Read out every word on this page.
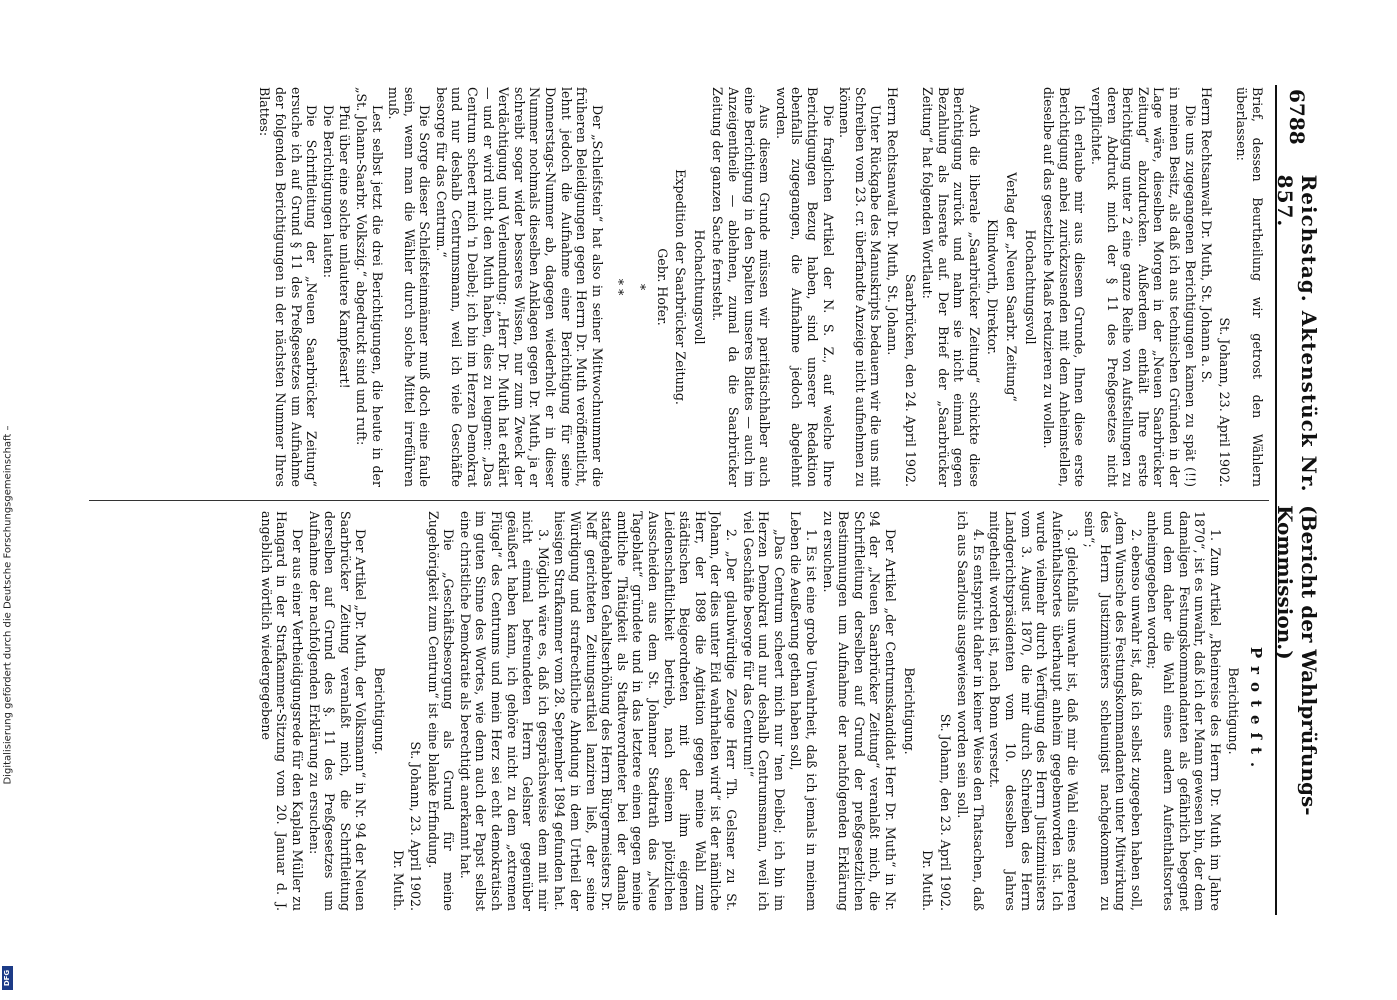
Digitalisierung gefördert durch die Deutsche Forschungsgemeinschaft –
DFG
6788
Reichstag. Aktenstück Nr. 857.
(Bericht der Wahlprüfungs-Kommission.)

Brief, dessen Beurtheilung wir getrost den Wählern überlassen:

St. Johann, 23. April 1902.

Herrn Rechtsanwalt Dr. Muth, St. Johann a. S.

Die uns zugegangenen Berichtigungen kamen zu spät (!!) in meinen Besitz, als daß ich aus technischen Gründen in der Lage wäre, dieselben Morgen in der „Neuen Saarbrücker Zeitung“ abzudrucken. Außerdem enthält Ihre erste Berichtigung unter 2 eine ganze Reihe von Aufstellungen zu deren Abdruck mich der § 11 des Preßgesetzes nicht verpflichtet.

Ich erlaube mir aus diesem Grunde, Ihnen diese erste Berichtigung anbei zurückzusenden mit dem Anheimstellen, dieselbe auf das gesetzliche Maaß reduzieren zu wollen.

Hochachtungsvoll

Verlag der „Neuen Saarbr. Zeitung“

Klindworth, Direktor.

Auch die liberale „Saarbrücker Zeitung“ schickte diese Berichtigung zurück und nahm sie nicht einmal gegen Bezahlung als Inserate auf. Der Brief der „Saarbrücker Zeitung“ hat folgenden Wortlaut:

Saarbrücken, den 24. April 1902.

Herrn Rechtsanwalt Dr. Muth, St. Johann.

Unter Rückgabe des Manuskripts bedauern wir die uns mit Schreiben vom 23. cr. überfandte Anzeige nicht aufnehmen zu können.

Die fraglichen Artikel der N. S. Z., auf welche Ihre Berichtigungen Bezug haben, sind unserer Redaktion ebenfalls zugegangen, die Aufnahme jedoch abgelehnt worden.

Aus diesem Grunde müssen wir paritätischhalber auch eine Berichtigung in den Spalten unseres Blattes — auch im Anzeigentheile — ablehnen, zumal da die Saarbrücker Zeitung der ganzen Sache fernsteht.

Hochachtungsvoll

Expedition der Saarbrücker Zeitung.

Gebr. Hofer.

*

* *

Der „Schleifstein“ hat also in seiner Mittwochnummer die früheren Beleidigungen gegen Herrn Dr. Muth veröffentlicht, lehnt jedoch die Aufnahme einer Berichtigung für seine Donnerstags-Nummer ab, dagegen wiederholt er in dieser Nummer nochmals dieselben Anklagen gegen Dr. Muth, ja er schreibt sogar wider besseres Wissen, nur zum Zweck der Verdächtigung und Verleumdung: „Herr Dr. Muth hat erklärt — und er wird nicht den Muth haben, dies zu leugnen: „Das Centrum scheert mich 'n Deibel; ich bin im Herzen Demokrat und nur deshalb Centrumsmann, weil ich viele Geschäfte besorge für das Centrum.“

Die Sorge dieser Schleifsteinmänner muß doch eine faule sein, wenn man die Wähler durch solche Mittel irreführen muß.

Lest selbst jetzt die drei Berichtigungen, die heute in der „St. Johann-Saarbr. Volkszig.“ abgedruckt sind und ruft:

Pfui über eine solche unlautere Kampfesart!

Die Berichtigungen lauten:

Die Schriftleitung der „Neuen Saarbrücker Zeitung“ ersuche ich auf Grund § 11 des Preßgesetzes um Aufnahme der folgenden Berichtigungen in der nächsten Nummer Ihres Blattes:

Proteſt.

Berichtigung.

1. Zum Artikel „Rheinreise des Herrn Dr. Muth im Jahre 1870“, ist es unwahr, daß ich der Mann gewesen bin, der dem damaligen Festungskommandanten als gefährlich begegnet und dem daher die Wahl eines andern Aufenthaltsortes anheimgegeben worden;

2. ebenso unwahr ist, daß ich selbst zugegeben haben soll, „dem Wunsche des Festungskommandanten unter Mitwirkung des Herrn Justizministers schleunigst nachgekommen zu sein“;

3. gleichfalls unwahr ist, daß mir die Wahl eines anderen Aufenthaltsortes überhaupt anheim gegebenworden ist. Ich wurde vielmehr durch Verfügung des Herrn Justizministers vom 3. August 1870, die mir durch Schreiben des Herrn Landgerichtspräsidenten vom 10. desselben Jahres mitgetheilt worden ist, nach Bonn versetzt.

4. Es entspricht daher in keiner Weise den Thatsachen, daß ich aus Saarlouis ausgewiesen worden sein soll.

St. Johann, den 23. April 1902.

Dr. Muth.

Berichtigung.

Der Artikel „der Centrumskandidat Herr Dr. Muth“ in Nr. 94 der „Neuen Saarbrücker Zeitung“ veranlaßt mich, die Schriftleitung derselben auf Grund der preßgesetzlichen Bestimmungen um Aufnahme der nachfolgenden Erklärung zu ersuchen.

1. Es ist eine grobe Unwahrheit, daß ich jemals in meinem Leben die Aeußerung gethan haben soll,

„Das Centrum scheert mich nur 'nen Deibel; ich bin im Herzen Demokrat und nur deshalb Centrumsmann, weil ich viel Geschäfte besorge für das Centrum!“

2. „Der glaubwürdige Zeuge Herr Th. Gelsner zu St. Johann, der dies unter Eid wahrhalten wird“ ist der nämliche Herr, der 1898 die Agitation gegen meine Wahl zum städtischen Beigeordneten mit der ihm eigenen Leidenschaftlichkeit betrieb, nach seinem plötzlichen Ausscheiden aus dem St. Johanner Stadtrath das „Neue Tageblatt“ gründete und in das letztere einen gegen meine amtliche Thätigkeit als Stadtverordneter bei der damals stattgehabten Gehaltserhöhung des Herrn Bürgermeisters Dr. Neff gerichteten Zeitungsartikel lanziren ließ, der seine Würdigung und strafrechtliche Ahndung in dem Urtheil der hiesigen Strafkammer vom 28. September 1894 gefunden hat.

3. Möglich wäre es, daß ich gesprächsweise dem mit mir nicht einmal befreundeten Herrn Gelsner gegenüber geäußert haben kann, ich gehöre nicht zu dem „extremen Flügel“ des Centrums und mein Herz sei echt demokratisch im guten Sinne des Wortes, wie denn auch der Papst selbst eine christliche Demokratie als berechtigt anerkannt hat.

Die „Geschäftsbesorgung als Grund für meine Zugehörigkeit zum Centrum“ ist eine blanke Erfindung.

St. Johann, 23. April 1902.

Dr. Muth.

Berichtigung.

Der Artikel „Dr. Muth, der Volksmann“ in Nr. 94 der Neuen Saarbrücker Zeitung veranlaßt mich, die Schriftleitung derselben auf Grund des §. 11 des Preßgesetzes um Aufnahme der nachfolgenden Erklärung zu ersuchen:

Der aus einer Vertheidigungsrede für den Kaplan Müller zu Hangard in der Strafkammer-Sitzung vom 20. Januar d. J. angeblich wörtlich wiedergegebene
